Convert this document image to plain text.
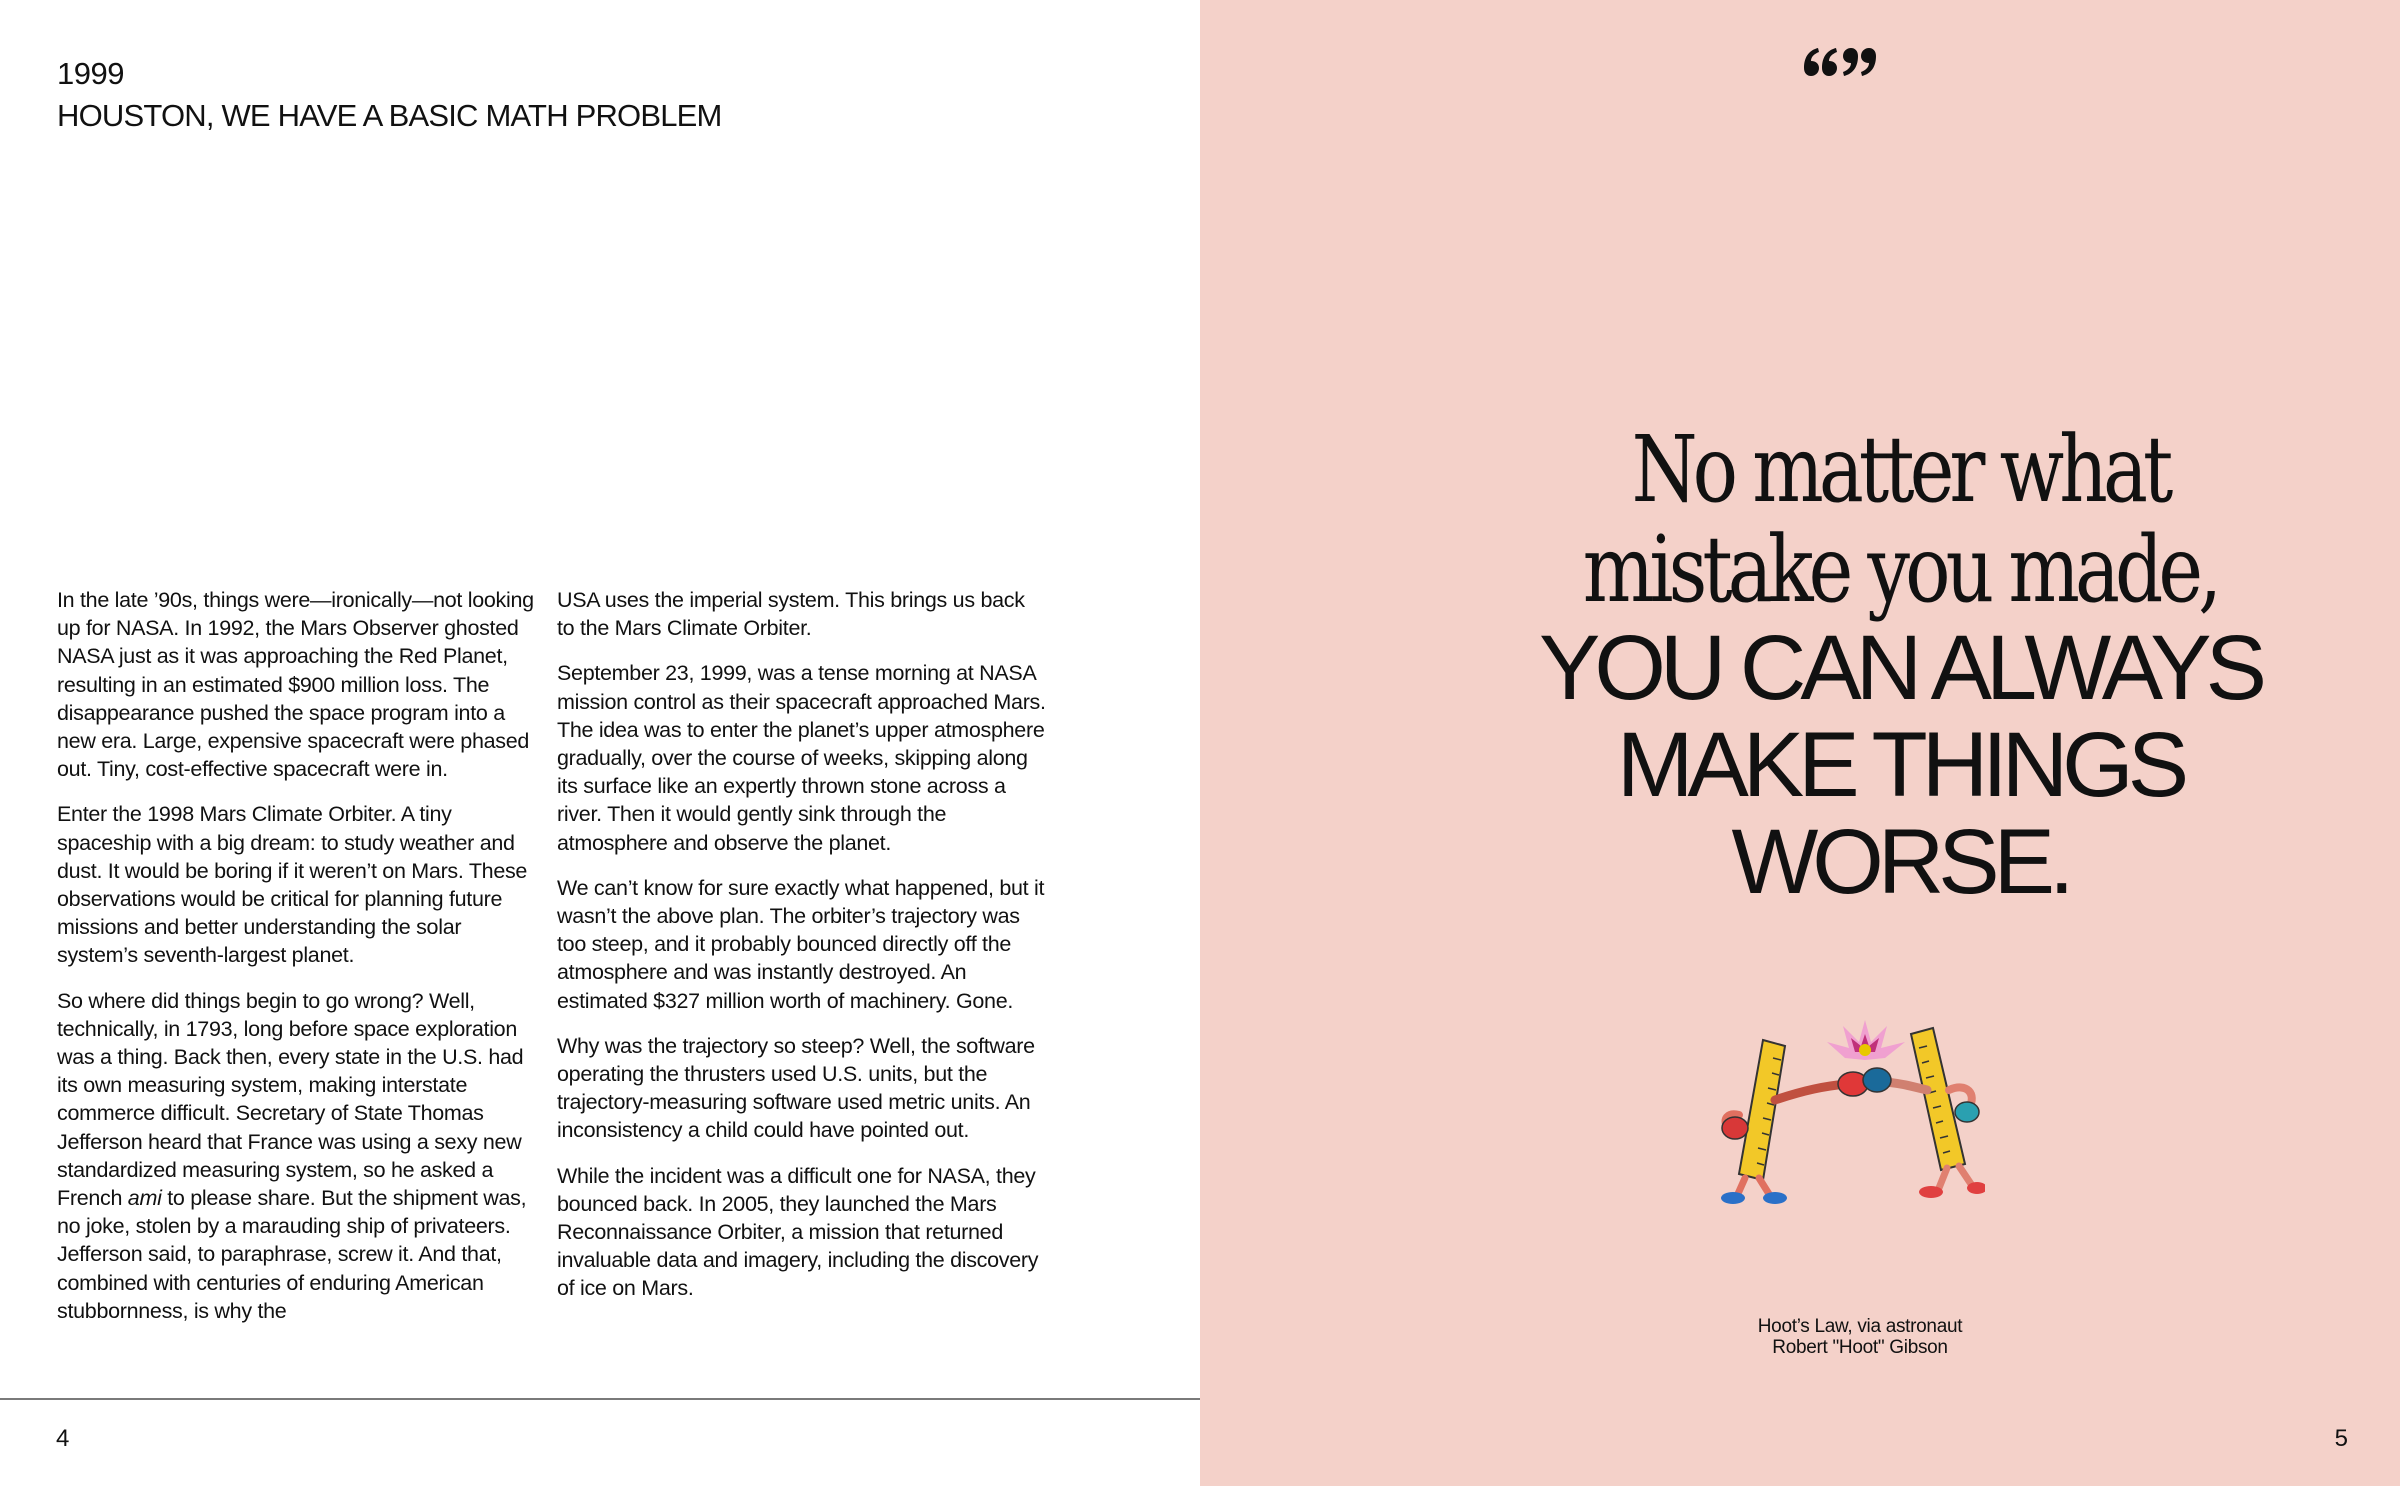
1999
HOUSTON, WE HAVE A BASIC MATH PROBLEM

In the late ’90s, things were—ironically—not looking up for NASA. In 1992, the Mars Observer ghosted NASA just as it was approaching the Red Planet, resulting in an estimated $900 million loss. The disappearance pushed the space program into a new era. Large, expensive spacecraft were phased out. Tiny, cost-effective spacecraft were in.

Enter the 1998 Mars Climate Orbiter. A tiny spaceship with a big dream: to study weather and dust. It would be boring if it weren’t on Mars. These observations would be critical for planning future missions and better understanding the solar system’s seventh-largest planet.

So where did things begin to go wrong? Well, technically, in 1793, long before space exploration was a thing. Back then, every state in the U.S. had its own measuring system, making interstate commerce difficult. Secretary of State Thomas Jefferson heard that France was using a sexy new standardized measuring system, so he asked a French ami to please share. But the shipment was, no joke, stolen by a marauding ship of privateers. Jefferson said, to paraphrase, screw it. And that, combined with centuries of enduring American stubbornness, is why the

USA uses the imperial system. This brings us back to the Mars Climate Orbiter.

September 23, 1999, was a tense morning at NASA mission control as their spacecraft approached Mars. The idea was to enter the planet’s upper atmosphere gradually, over the course of weeks, skipping along its surface like an expertly thrown stone across a river. Then it would gently sink through the atmosphere and observe the planet.

We can’t know for sure exactly what happened, but it wasn’t the above plan. The orbiter’s trajectory was too steep, and it probably bounced directly off the atmosphere and was instantly destroyed. An estimated $327 million worth of machinery. Gone.

Why was the trajectory so steep? Well, the software operating the thrusters used U.S. units, but the trajectory-measuring software used metric units. An inconsistency a child could have pointed out.

While the incident was a difficult one for NASA, they bounced back. In 2005, they launched the Mars Reconnaissance Orbiter, a mission that returned invaluable data and imagery, including the discovery of ice on Mars.

4	5
No matter what
mistake you made,
YOU CAN ALWAYS
MAKE THINGS
WORSE.
Hoot’s Law, via astronaut
Robert "Hoot" Gibson
